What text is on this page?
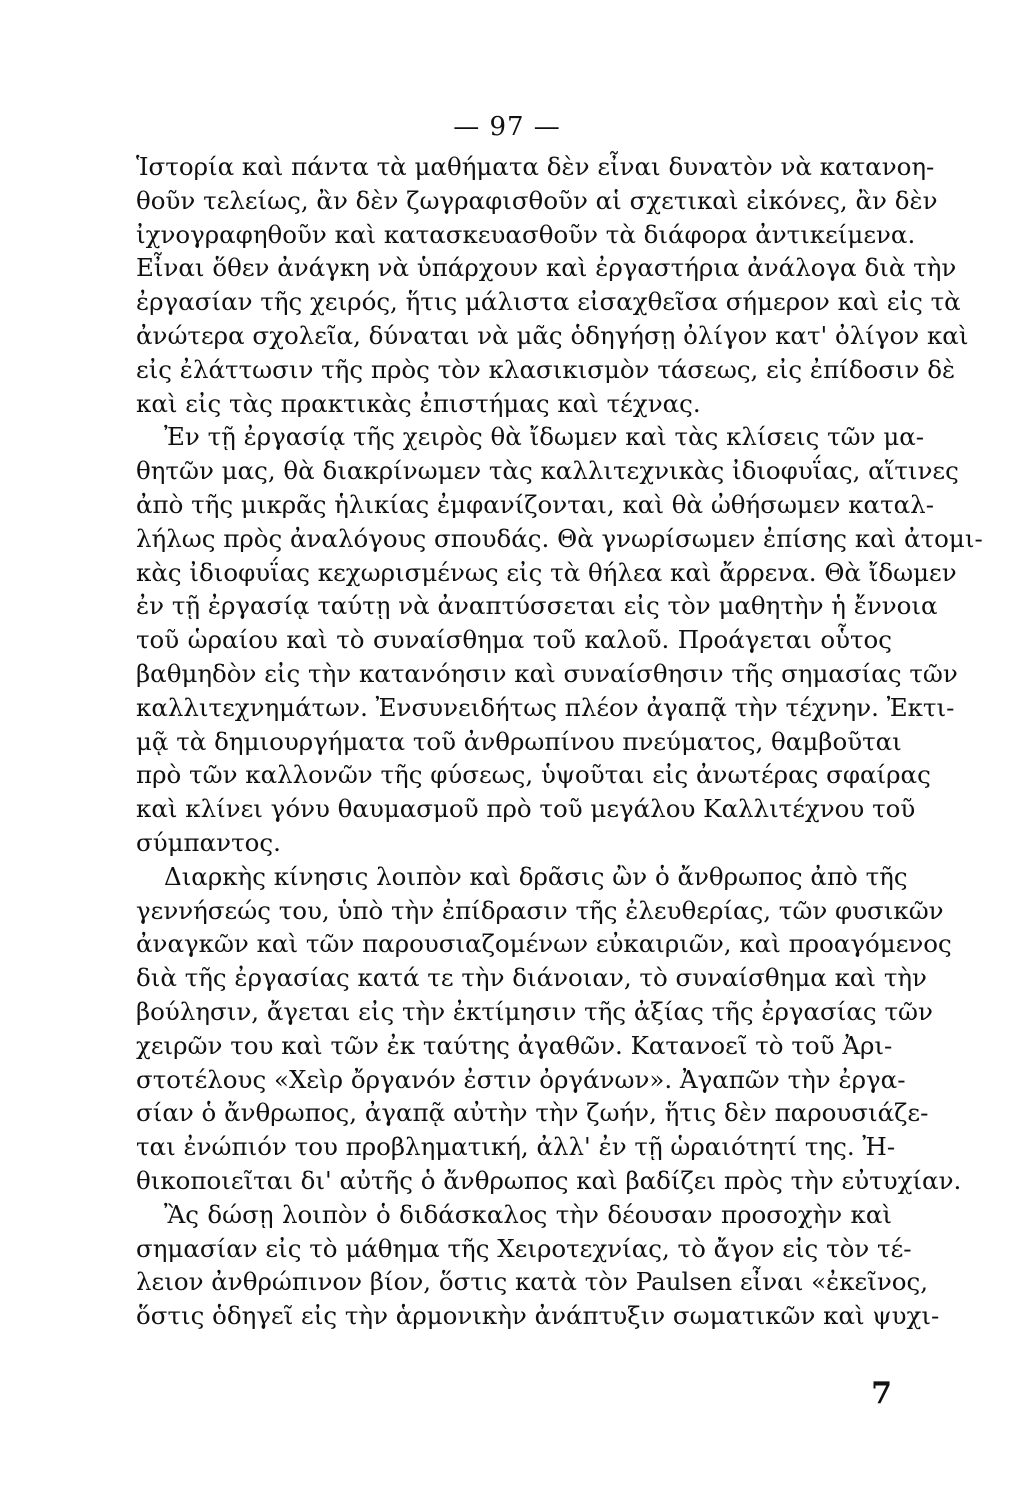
— 97 —
Ἱστορία καὶ πάντα τὰ μαθήματα δὲν εἶναι δυνατὸν νὰ κατανοη-
θοῦν τελείως, ἂν δὲν ζωγραφισθοῦν αἱ σχετικαὶ εἰκόνες, ἂν δὲν
ἰχνογραφηθοῦν καὶ κατασκευασθοῦν τὰ διάφορα ἀντικείμενα.
Εἶναι ὅθεν ἀνάγκη νὰ ὑπάρχουν καὶ ἐργαστήρια ἀνάλογα διὰ τὴν
ἐργασίαν τῆς χειρός, ἥτις μάλιστα εἰσαχθεῖσα σήμερον καὶ εἰς τὰ
ἀνώτερα σχολεῖα, δύναται νὰ μᾶς ὁδηγήσῃ ὀλίγον κατ' ὀλίγον καὶ
εἰς ἐλάττωσιν τῆς πρὸς τὸν κλασικισμὸν τάσεως, εἰς ἐπίδοσιν δὲ
καὶ εἰς τὰς πρακτικὰς ἐπιστήμας καὶ τέχνας.
Ἐν τῇ ἐργασίᾳ τῆς χειρὸς θὰ ἴδωμεν καὶ τὰς κλίσεις τῶν μα-
θητῶν μας, θὰ διακρίνωμεν τὰς καλλιτεχνικὰς ἰδιοφυΐας, αἵτινες
ἀπὸ τῆς μικρᾶς ἡλικίας ἐμφανίζονται, καὶ θὰ ὠθήσωμεν καταλ-
λήλως πρὸς ἀναλόγους σπουδάς. Θὰ γνωρίσωμεν ἐπίσης καὶ ἀτομι-
κὰς ἰδιοφυΐας κεχωρισμένως εἰς τὰ θήλεα καὶ ἄρρενα. Θὰ ἴδωμεν
ἐν τῇ ἐργασίᾳ ταύτῃ νὰ ἀναπτύσσεται εἰς τὸν μαθητὴν ἡ ἔννοια
τοῦ ὡραίου καὶ τὸ συναίσθημα τοῦ καλοῦ. Προάγεται οὗτος
βαθμηδὸν εἰς τὴν κατανόησιν καὶ συναίσθησιν τῆς σημασίας τῶν
καλλιτεχνημάτων. Ἐνσυνειδήτως πλέον ἀγαπᾷ τὴν τέχνην. Ἐκτι-
μᾷ τὰ δημιουργήματα τοῦ ἀνθρωπίνου πνεύματος, θαμβοῦται
πρὸ τῶν καλλονῶν τῆς φύσεως, ὑψοῦται εἰς ἀνωτέρας σφαίρας
καὶ κλίνει γόνυ θαυμασμοῦ πρὸ τοῦ μεγάλου Καλλιτέχνου τοῦ
σύμπαντος.
Διαρκὴς κίνησις λοιπὸν καὶ δρᾶσις ὢν ὁ ἄνθρωπος ἀπὸ τῆς
γεννήσεώς του, ὑπὸ τὴν ἐπίδρασιν τῆς ἐλευθερίας, τῶν φυσικῶν
ἀναγκῶν καὶ τῶν παρουσιαζομένων εὐκαιριῶν, καὶ προαγόμενος
διὰ τῆς ἐργασίας κατά τε τὴν διάνοιαν, τὸ συναίσθημα καὶ τὴν
βούλησιν, ἄγεται εἰς τὴν ἐκτίμησιν τῆς ἀξίας τῆς ἐργασίας τῶν
χειρῶν του καὶ τῶν ἐκ ταύτης ἀγαθῶν. Κατανοεῖ τὸ τοῦ Ἀρι-
στοτέλους «Χεὶρ ὄργανόν ἐστιν ὀργάνων». Ἀγαπῶν τὴν ἐργα-
σίαν ὁ ἄνθρωπος, ἀγαπᾷ αὐτὴν τὴν ζωήν, ἥτις δὲν παρουσιάζε-
ται ἐνώπιόν του προβληματική, ἀλλ' ἐν τῇ ὡραιότητί της. Ἠ-
θικοποιεῖται δι' αὐτῆς ὁ ἄνθρωπος καὶ βαδίζει πρὸς τὴν εὐτυχίαν.
Ἂς δώσῃ λοιπὸν ὁ διδάσκαλος τὴν δέουσαν προσοχὴν καὶ
σημασίαν εἰς τὸ μάθημα τῆς Χειροτεχνίας, τὸ ἄγον εἰς τὸν τέ-
λειον ἀνθρώπινον βίον, ὅστις κατὰ τὸν Paulsen εἶναι «ἐκεῖνος,
ὅστις ὁδηγεῖ εἰς τὴν ἁρμονικὴν ἀνάπτυξιν σωματικῶν καὶ ψυχι-
7
